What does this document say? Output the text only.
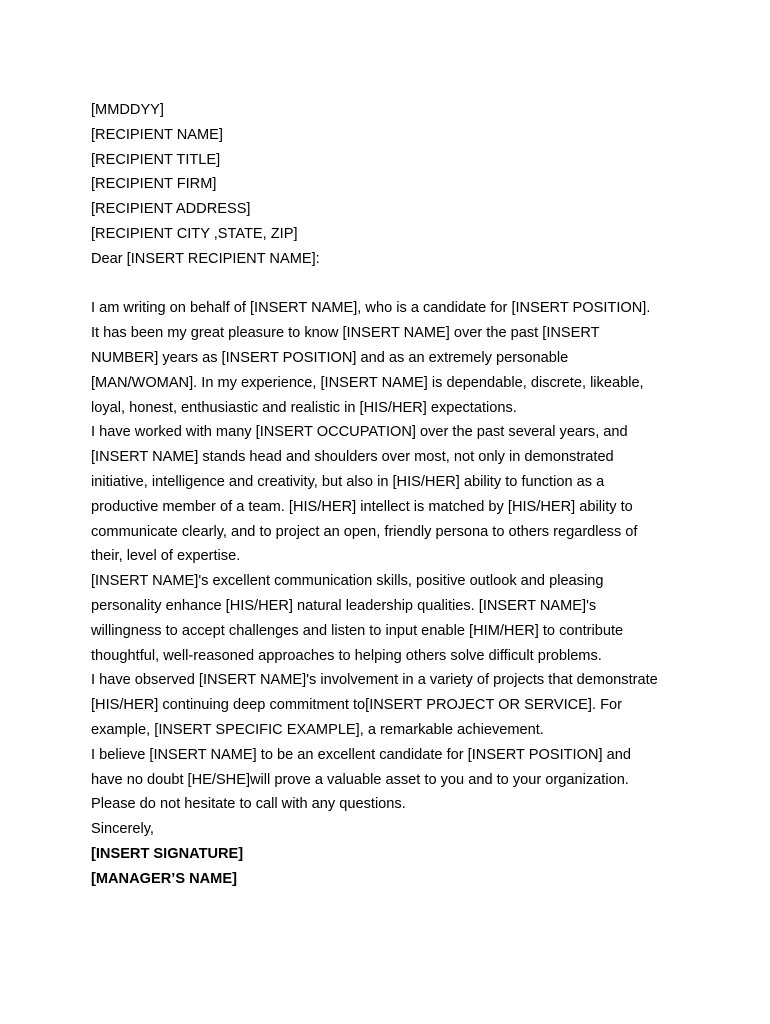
[MMDDYY]
[RECIPIENT NAME]
[RECIPIENT TITLE]
[RECIPIENT FIRM]
[RECIPIENT ADDRESS]
[RECIPIENT CITY ,STATE, ZIP]
Dear [INSERT RECIPIENT NAME]:
I am writing on behalf of [INSERT NAME], who is a candidate for [INSERT POSITION].
It has been my great pleasure to know [INSERT NAME] over the past [INSERT
NUMBER] years as [INSERT POSITION] and as an extremely personable
[MAN/WOMAN]. In my experience, [INSERT NAME] is dependable, discrete, likeable,
loyal, honest, enthusiastic and realistic in [HIS/HER] expectations.
I have worked with many [INSERT OCCUPATION] over the past several years, and
[INSERT NAME] stands head and shoulders over most, not only in demonstrated
initiative, intelligence and creativity, but also in [HIS/HER] ability to function as a
productive member of a team. [HIS/HER] intellect is matched by [HIS/HER] ability to
communicate clearly, and to project an open, friendly persona to others regardless of
their, level of expertise.
[INSERT NAME]'s excellent communication skills, positive outlook and pleasing
personality enhance [HIS/HER] natural leadership qualities. [INSERT NAME]'s
willingness to accept challenges and listen to input enable [HIM/HER] to contribute
thoughtful, well-reasoned approaches to helping others solve difficult problems.
I have observed [INSERT NAME]'s involvement in a variety of projects that demonstrate
[HIS/HER] continuing deep commitment to[INSERT PROJECT OR SERVICE]. For
example, [INSERT SPECIFIC EXAMPLE], a remarkable achievement.
I believe [INSERT NAME] to be an excellent candidate for [INSERT POSITION] and
have no doubt [HE/SHE]will prove a valuable asset to you and to your organization.
Please do not hesitate to call with any questions.
Sincerely,
[INSERT SIGNATURE]
[MANAGER’S NAME]
